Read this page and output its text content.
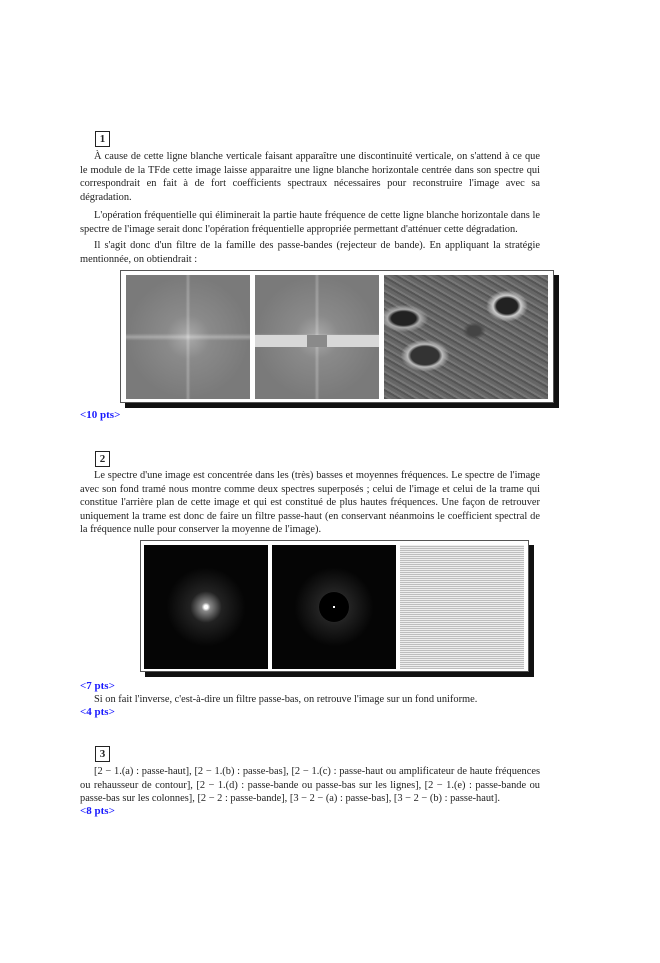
1

À cause de cette ligne blanche verticale faisant apparaître une discontinuité verticale, on s'attend à ce que le module de la TFde cette image laisse apparaitre une ligne blanche horizontale centrée dans son spectre qui correspondrait en fait à de fort coefficients spectraux nécessaires pour reconstruire l'image avec sa dégradation.

L'opération fréquentielle qui éliminerait la partie haute fréquence de cette ligne blanche horizontale dans le spectre de l'image serait donc l'opération fréquentielle appropriée permettant d'atténuer cette dégradation.

Il s'agit donc d'un filtre de la famille des passe-bandes (rejecteur de bande). En appliquant la stratégie mentionnée, on obtiendrait :

<10 pts>
2

Le spectre d'une image est concentrée dans les (très) basses et moyennes fréquences. Le spectre de l'image avec son fond tramé nous montre comme deux spectres superposés ; celui de l'image et celui de la trame qui constitue l'arrière plan de cette image et qui est constitué de plus hautes fréquences. Une façon de retrouver uniquement la trame est donc de faire un filtre passe-haut (en conservant néanmoins le coefficient spectral de la fréquence nulle pour conserver la moyenne de l'image).

<7 pts>

Si on fait l'inverse, c'est-à-dire un filtre passe-bas, on retrouve l'image sur un fond uniforme.

<4 pts>
3

[2 − 1.(a) : passe-haut], [2 − 1.(b) : passe-bas], [2 − 1.(c) : passe-haut ou amplificateur de haute fréquences ou rehausseur de contour], [2 − 1.(d) : passe-bande ou passe-bas sur les lignes], [2 − 1.(e) : passe-bande ou passe-bas sur les colonnes], [2 − 2 : passe-bande], [3 − 2 − (a) : passe-bas], [3 − 2 − (b) : passe-haut].

<8 pts>
